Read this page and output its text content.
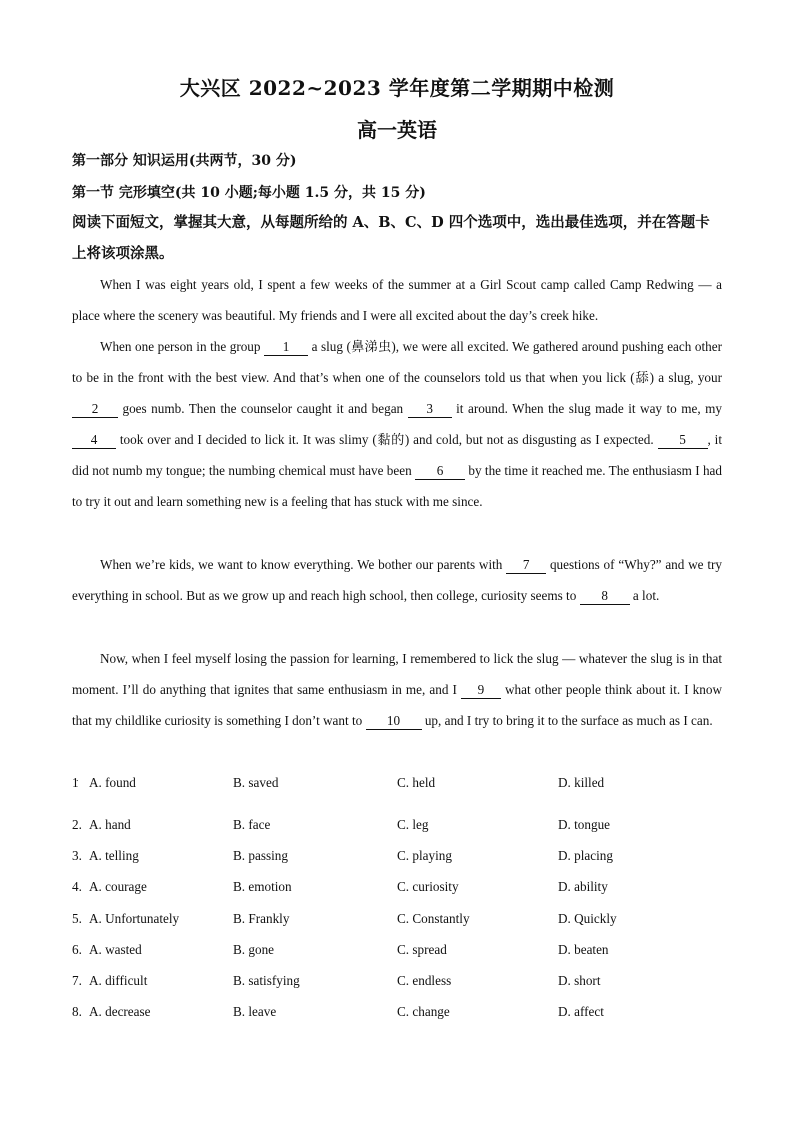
大兴区 2022~2023 学年度第二学期期中检测
高一英语
第一部分 知识运用(共两节，30 分)
第一节 完形填空(共 10 小题;每小题 1.5 分，共 15 分)
阅读下面短文，掌握其大意，从每题所给的 A、B、C、D 四个选项中，选出最佳选项，并在答题卡上将该项涂黑。
When I was eight years old, I spent a few weeks of the summer at a Girl Scout camp called Camp Redwing — a place where the scenery was beautiful. My friends and I were all excited about the day’s creek hike.
When one person in the group 1 a slug (鼻涕虫), we were all excited. We gathered around pushing each other to be in the front with the best view. And that’s when one of the counselors told us that when you lick (舔) a slug, your 2 goes numb. Then the counselor caught it and began 3 it around. When the slug made it way to me, my 4 took over and I decided to lick it. It was slimy (黏的) and cold, but not as disgusting as I expected. 5 , it did not numb my tongue; the numbing chemical must have been 6 by the time it reached me. The enthusiasm I had to try it out and learn something new is a feeling that has stuck with me since.
When we’re kids, we want to know everything. We bother our parents with 7 questions of “Why?” and we try everything in school. But as we grow up and reach high school, then college, curiosity seems to 8 a lot.
Now, when I feel myself losing the passion for learning, I remembered to lick the slug — whatever the slug is in that moment. I’ll do anything that ignites that same enthusiasm in me, and I 9 what other people think about it. I know that my childlike curiosity is something I don’t want to 10 up, and I try to bring it to the surface as much as I can.
1
． A. found	B. saved	C. held	D. killed
2. A. hand	B. face	C. leg	D. tongue
3. A. telling	B. passing	C. playing	D. placing
4. A. courage	B. emotion	C. curiosity	D. ability
5. A. Unfortunately	B. Frankly	C. Constantly	D. Quickly
6. A. wasted	B. gone	C. spread	D. beaten
7. A. difficult	B. satisfying	C. endless	D. short
8. A. decrease	B. leave	C. change	D. affect
